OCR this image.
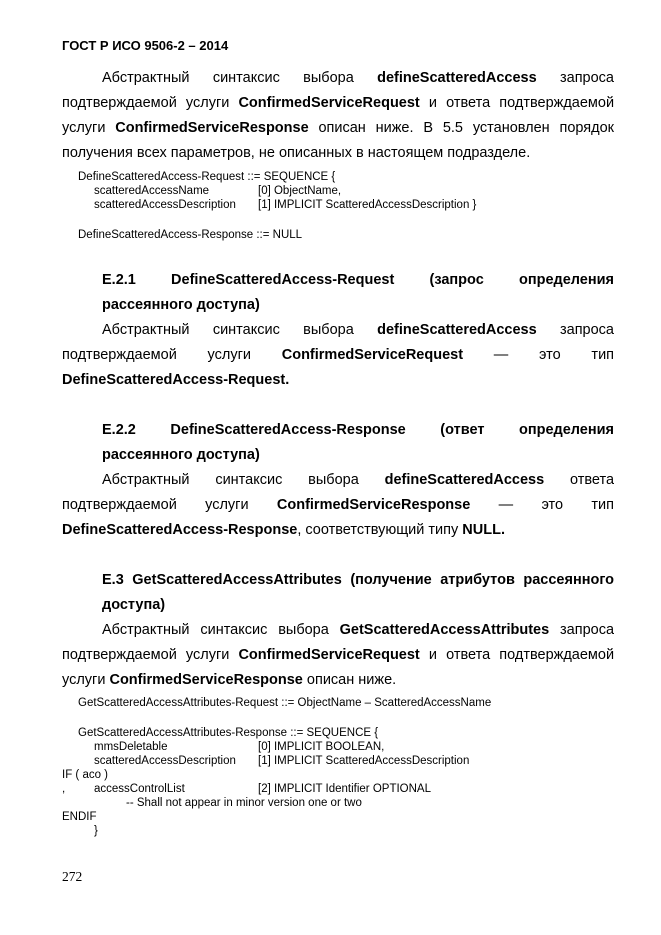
ГОСТ Р ИСО 9506-2 – 2014
Абстрактный синтаксис выбора defineScatteredAccess запроса
подтверждаемой услуги ConfirmedServiceRequest и ответа подтверждаемой
услуги ConfirmedServiceResponse описан ниже. В 5.5 установлен порядок
получения всех параметров, не описанных в настоящем подразделе.
DefineScatteredAccess-Request ::= SEQUENCE {
scatteredAccessName	[0] ObjectName,
scatteredAccessDescription [1] IMPLICIT ScatteredAccessDescription }
DefineScatteredAccess-Response ::= NULL
E.2.1 DefineScatteredAccess-Request (запрос определения
рассеянного доступа)
Абстрактный синтаксис выбора defineScatteredAccess запроса
подтверждаемой услуги ConfirmedServiceRequest — это тип
DefineScatteredAccess-Request.
E.2.2 DefineScatteredAccess-Response (ответ определения
рассеянного доступа)
Абстрактный синтаксис выбора defineScatteredAccess ответа
подтверждаемой услуги ConfirmedServiceResponse — это тип
DefineScatteredAccess-Response, соответствующий типу NULL.
E.3 GetScatteredAccessAttributes (получение атрибутов рассеянного
доступа)
Абстрактный синтаксис выбора GetScatteredAccessAttributes запроса
подтверждаемой услуги ConfirmedServiceRequest и ответа подтверждаемой
услуги ConfirmedServiceResponse описан ниже.
GetScatteredAccessAttributes-Request ::= ObjectName – ScatteredAccessName
GetScatteredAccessAttributes-Response ::= SEQUENCE {
mmsDeletable	[0] IMPLICIT BOOLEAN,
scatteredAccessDescription [1] IMPLICIT ScatteredAccessDescription
IF ( aco )
,	accessControlList	[2] IMPLICIT Identifier OPTIONAL
-- Shall not appear in minor version one or two
ENDIF
}
272
